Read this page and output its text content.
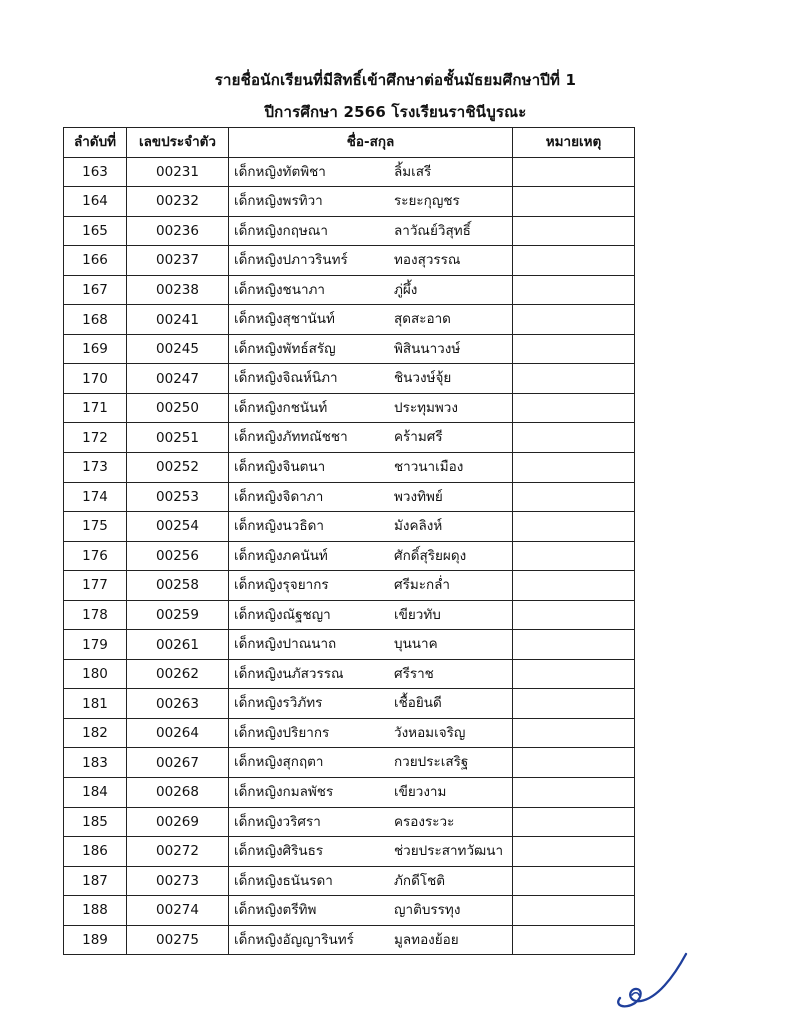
รายชื่อนักเรียนที่มีสิทธิ์เข้าศึกษาต่อชั้นมัธยมศึกษาปีที่ 1
ปีการศึกษา 2566 โรงเรียนราชินีบูรณะ
ลำดับที่	เลขประจำตัว	ชื่อ-สกุล	หมายเหตุ
163	00231	เด็กหญิงทัตพิชา ลิ้มเสรี	

164	00232	เด็กหญิงพรทิวา ระยะกุญชร	

165	00236	เด็กหญิงกฤษณา ลาวัณย์วิสุทธิ์	

166	00237	เด็กหญิงปภาวรินทร์ ทองสุวรรณ	

167	00238	เด็กหญิงชนาภา ภู่ผึ้ง	

168	00241	เด็กหญิงสุชานันท์ สุดสะอาด	

169	00245	เด็กหญิงพัทธ์สรัญ พิสินนาวงษ์	

170	00247	เด็กหญิงจิณห์นิภา ชินวงษ์จุ้ย	

171	00250	เด็กหญิงกชนันท์ ประทุมพวง	

172	00251	เด็กหญิงภัททณัชชา คร้ามศรี	

173	00252	เด็กหญิงจินตนา ชาวนาเมือง	

174	00253	เด็กหญิงจิดาภา พวงทิพย์	

175	00254	เด็กหญิงนวธิดา มังคลิงห์	

176	00256	เด็กหญิงภคนันท์ ศักดิ์สุริยผดุง	

177	00258	เด็กหญิงรุจยากร ศรีมะกล่ำ	

178	00259	เด็กหญิงณัฐชญา เขียวทับ	

179	00261	เด็กหญิงปาณนาถ บุนนาค	

180	00262	เด็กหญิงนภัสวรรณ ศรีราช	

181	00263	เด็กหญิงรวิภัทร เชื้อยินดี	

182	00264	เด็กหญิงปริยากร วังหอมเจริญ	

183	00267	เด็กหญิงสุกฤตา กวยประเสริฐ	

184	00268	เด็กหญิงกมลพัชร เขียวงาม	

185	00269	เด็กหญิงวริศรา ครองระวะ	

186	00272	เด็กหญิงศิรินธร ช่วยประสาทวัฒนา	

187	00273	เด็กหญิงธนันรดา ภักดีโชติ	

188	00274	เด็กหญิงตรีทิพ ญาติบรรทุง	

189	00275	เด็กหญิงอัญญารินทร์ มูลทองย้อย	
